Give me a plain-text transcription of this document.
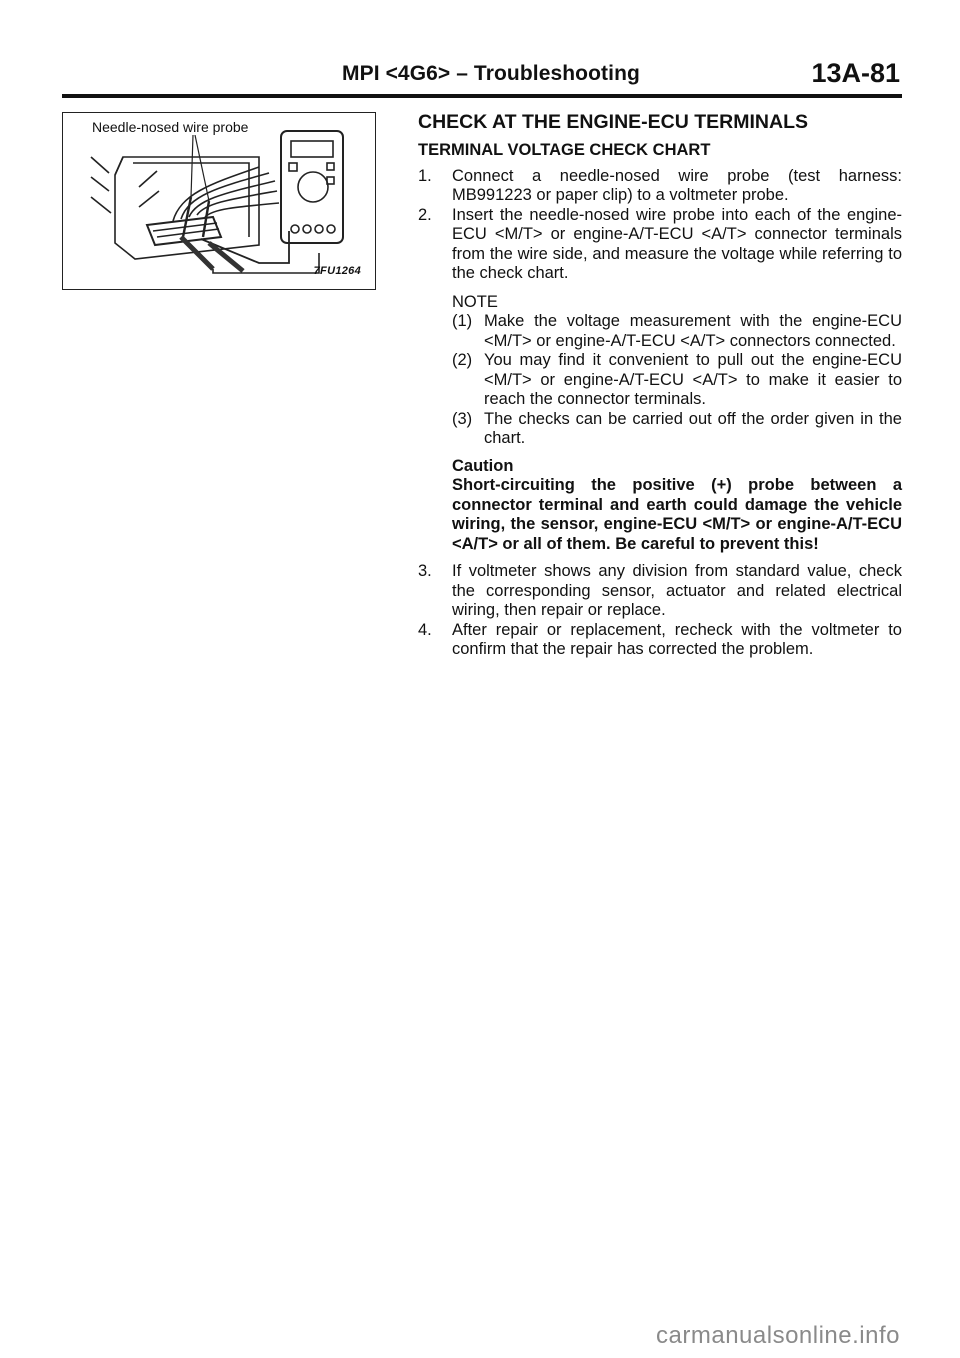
MPI <4G6> – Troubleshooting	13A-81
Needle-nosed wire probe
7FU1264
CHECK AT THE ENGINE-ECU TERMINALS
TERMINAL VOLTAGE CHECK CHART
1.	Connect a needle-nosed wire probe (test harness: MB991223 or paper clip) to a voltmeter probe.
2.	Insert the needle-nosed wire probe into each of the engine-ECU <M/T> or engine-A/T-ECU <A/T> connector terminals from the wire side, and measure the voltage while referring to the check chart.
NOTE
(1) Make the voltage measurement with the engine-ECU <M/T> or engine-A/T-ECU <A/T> connectors connected.
(2) You may find it convenient to pull out the engine-ECU <M/T> or engine-A/T-ECU <A/T> to make it easier to reach the connector terminals.
(3) The checks can be carried out off the order given in the chart.
Caution
Short-circuiting the positive (+) probe between a connector terminal and earth could damage the vehicle wiring, the sensor, engine-ECU <M/T> or engine-A/T-ECU <A/T> or all of them. Be careful to prevent this!
3.	If voltmeter shows any division from standard value, check the corresponding sensor, actuator and related electrical wiring, then repair or replace.
4.	After repair or replacement, recheck with the voltmeter to confirm that the repair has corrected the problem.
carmanualsonline.info
